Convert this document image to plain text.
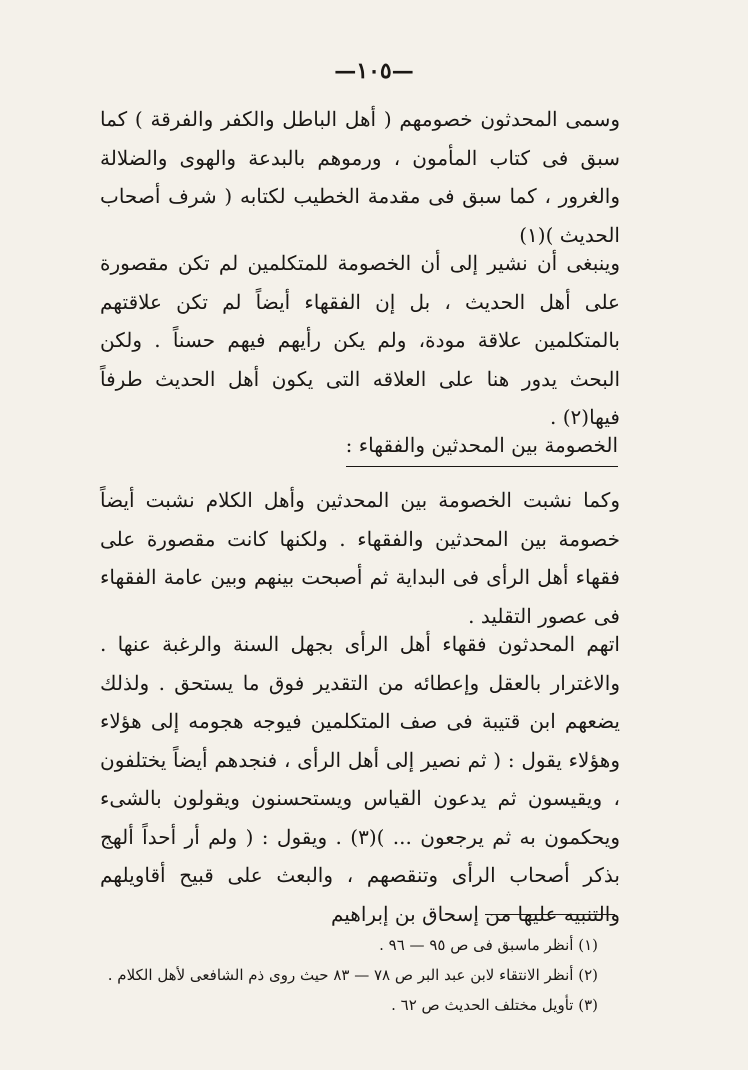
—١٠٥—

وسمى المحدثون خصومهم ( أهل الباطل والكفر والفرقة ) كما سبق فى كتاب المأمون ، ورموهم بالبدعة والهوى والضلالة والغرور ، كما سبق فى مقدمة الخطيب لكتابه ( شرف أصحاب الحديث )(١)

وينبغى أن نشير إلى أن الخصومة للمتكلمين لم تكن مقصورة على أهل الحديث ، بل إن الفقهاء أيضاً لم تكن علاقتهم بالمتكلمين علاقة مودة، ولم يكن رأيهم فيهم حسناً . ولكن البحث يدور هنا على العلاقه التى يكون أهل الحديث طرفاً فيها(٢) .

الخصومة بين المحدثين والفقهاء :

وكما نشبت الخصومة بين المحدثين وأهل الكلام نشبت أيضاً خصومة بين المحدثين والفقهاء . ولكنها كانت مقصورة على فقهاء أهل الرأى فى البداية ثم أصبحت بينهم وبين عامة الفقهاء فى عصور التقليد .

اتهم المحدثون فقهاء أهل الرأى بجهل السنة والرغبة عنها . والاغترار بالعقل وإعطائه من التقدير فوق ما يستحق . ولذلك يضعهم ابن قتيبة فى صف المتكلمين فيوجه هجومه إلى هؤلاء وهؤلاء يقول : ( ثم نصير إلى أهل الرأى ، فنجدهم أيضاً يختلفون ، ويقيسون ثم يدعون القياس ويستحسنون ويقولون بالشىء ويحكمون به ثم يرجعون ... )(٣) . ويقول : ( ولم أر أحداً ألهج بذكر أصحاب الرأى وتنقصهم ، والبعث على قبيح أقاويلهم والتنبيه عليها من إسحاق بن إبراهيم

(١) أنظر ماسبق فى ص ٩٥ — ٩٦ .
(٢) أنظر الانتقاء لابن عبد البر ص ٧٨ — ٨٣ حيث روى ذم الشافعى لأهل الكلام .
(٣) تأويل مختلف الحديث ص ٦٢ .
